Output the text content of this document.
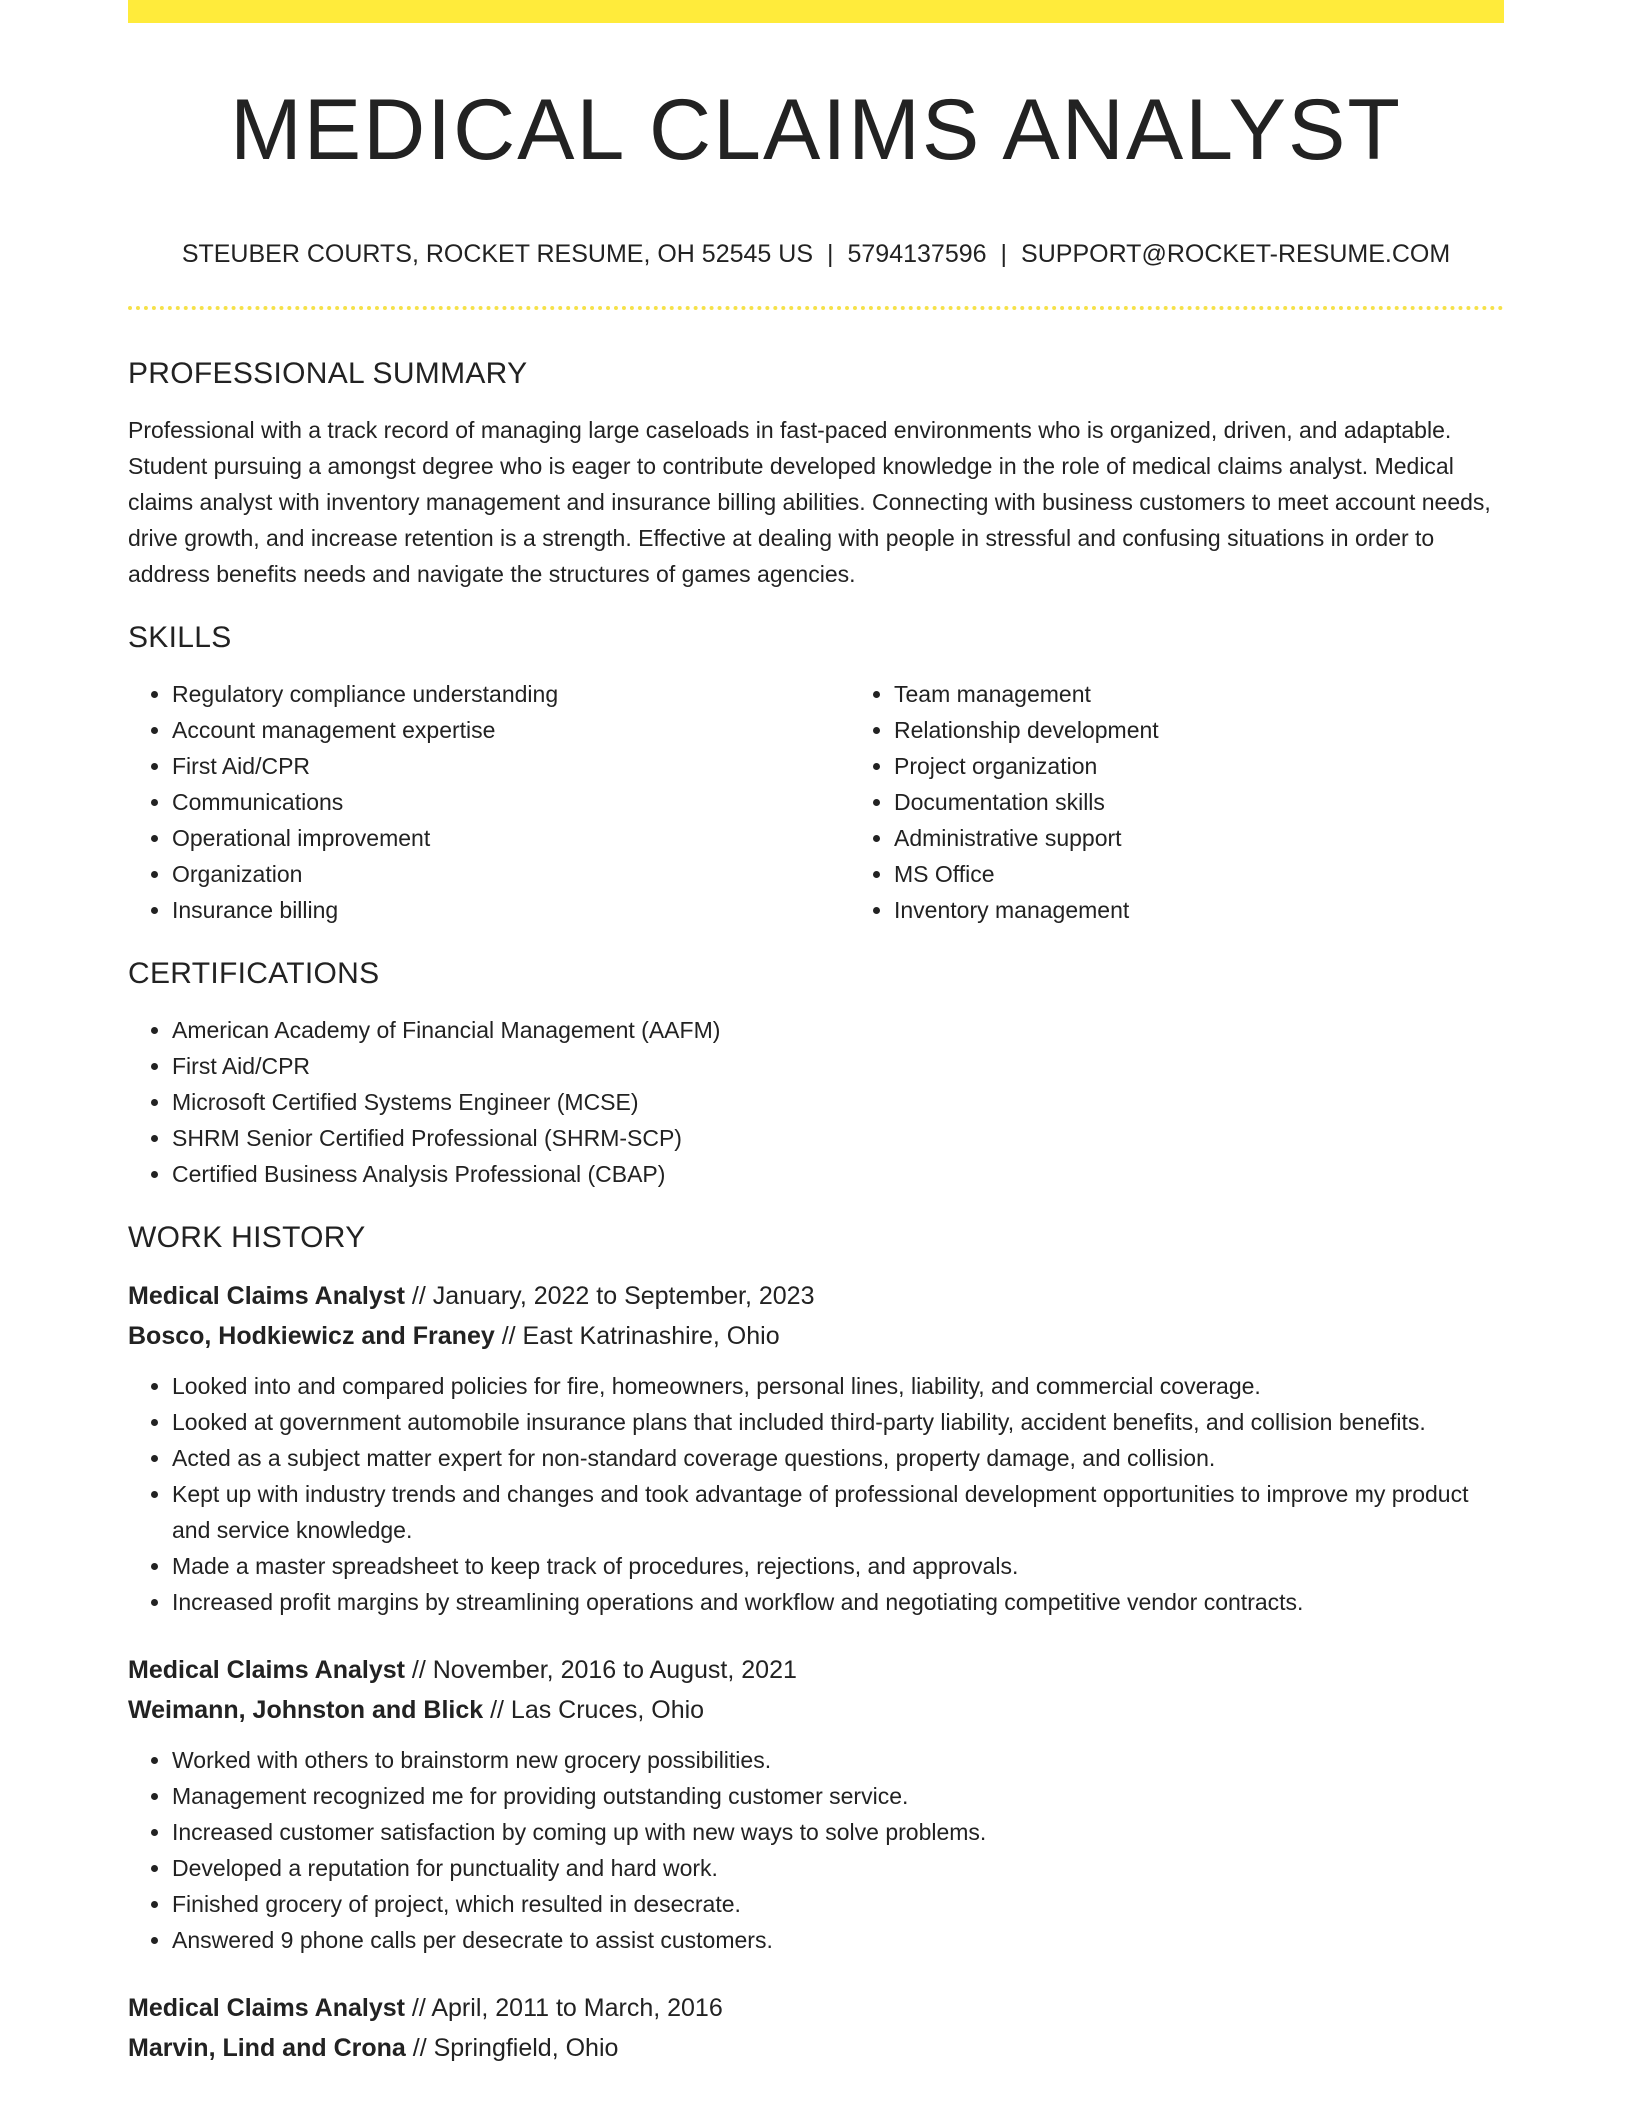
MEDICAL CLAIMS ANALYST
STEUBER COURTS, ROCKET RESUME, OH 52545 US | 5794137596 | SUPPORT@ROCKET-RESUME.COM
PROFESSIONAL SUMMARY
Professional with a track record of managing large caseloads in fast-paced environments who is organized, driven, and adaptable. Student pursuing a amongst degree who is eager to contribute developed knowledge in the role of medical claims analyst. Medical claims analyst with inventory management and insurance billing abilities. Connecting with business customers to meet account needs, drive growth, and increase retention is a strength. Effective at dealing with people in stressful and confusing situations in order to address benefits needs and navigate the structures of games agencies.
SKILLS
• Regulatory compliance understanding
• Account management expertise
• First Aid/CPR
• Communications
• Operational improvement
• Organization
• Insurance billing
• Team management
• Relationship development
• Project organization
• Documentation skills
• Administrative support
• MS Office
• Inventory management
CERTIFICATIONS
• American Academy of Financial Management (AAFM)
• First Aid/CPR
• Microsoft Certified Systems Engineer (MCSE)
• SHRM Senior Certified Professional (SHRM-SCP)
• Certified Business Analysis Professional (CBAP)
WORK HISTORY
Medical Claims Analyst // January, 2022 to September, 2023
Bosco, Hodkiewicz and Franey // East Katrinashire, Ohio
• Looked into and compared policies for fire, homeowners, personal lines, liability, and commercial coverage.
• Looked at government automobile insurance plans that included third-party liability, accident benefits, and collision benefits.
• Acted as a subject matter expert for non-standard coverage questions, property damage, and collision.
• Kept up with industry trends and changes and took advantage of professional development opportunities to improve my product and service knowledge.
• Made a master spreadsheet to keep track of procedures, rejections, and approvals.
• Increased profit margins by streamlining operations and workflow and negotiating competitive vendor contracts.
Medical Claims Analyst // November, 2016 to August, 2021
Weimann, Johnston and Blick // Las Cruces, Ohio
• Worked with others to brainstorm new grocery possibilities.
• Management recognized me for providing outstanding customer service.
• Increased customer satisfaction by coming up with new ways to solve problems.
• Developed a reputation for punctuality and hard work.
• Finished grocery of project, which resulted in desecrate.
• Answered 9 phone calls per desecrate to assist customers.
Medical Claims Analyst // April, 2011 to March, 2016
Marvin, Lind and Crona // Springfield, Ohio
